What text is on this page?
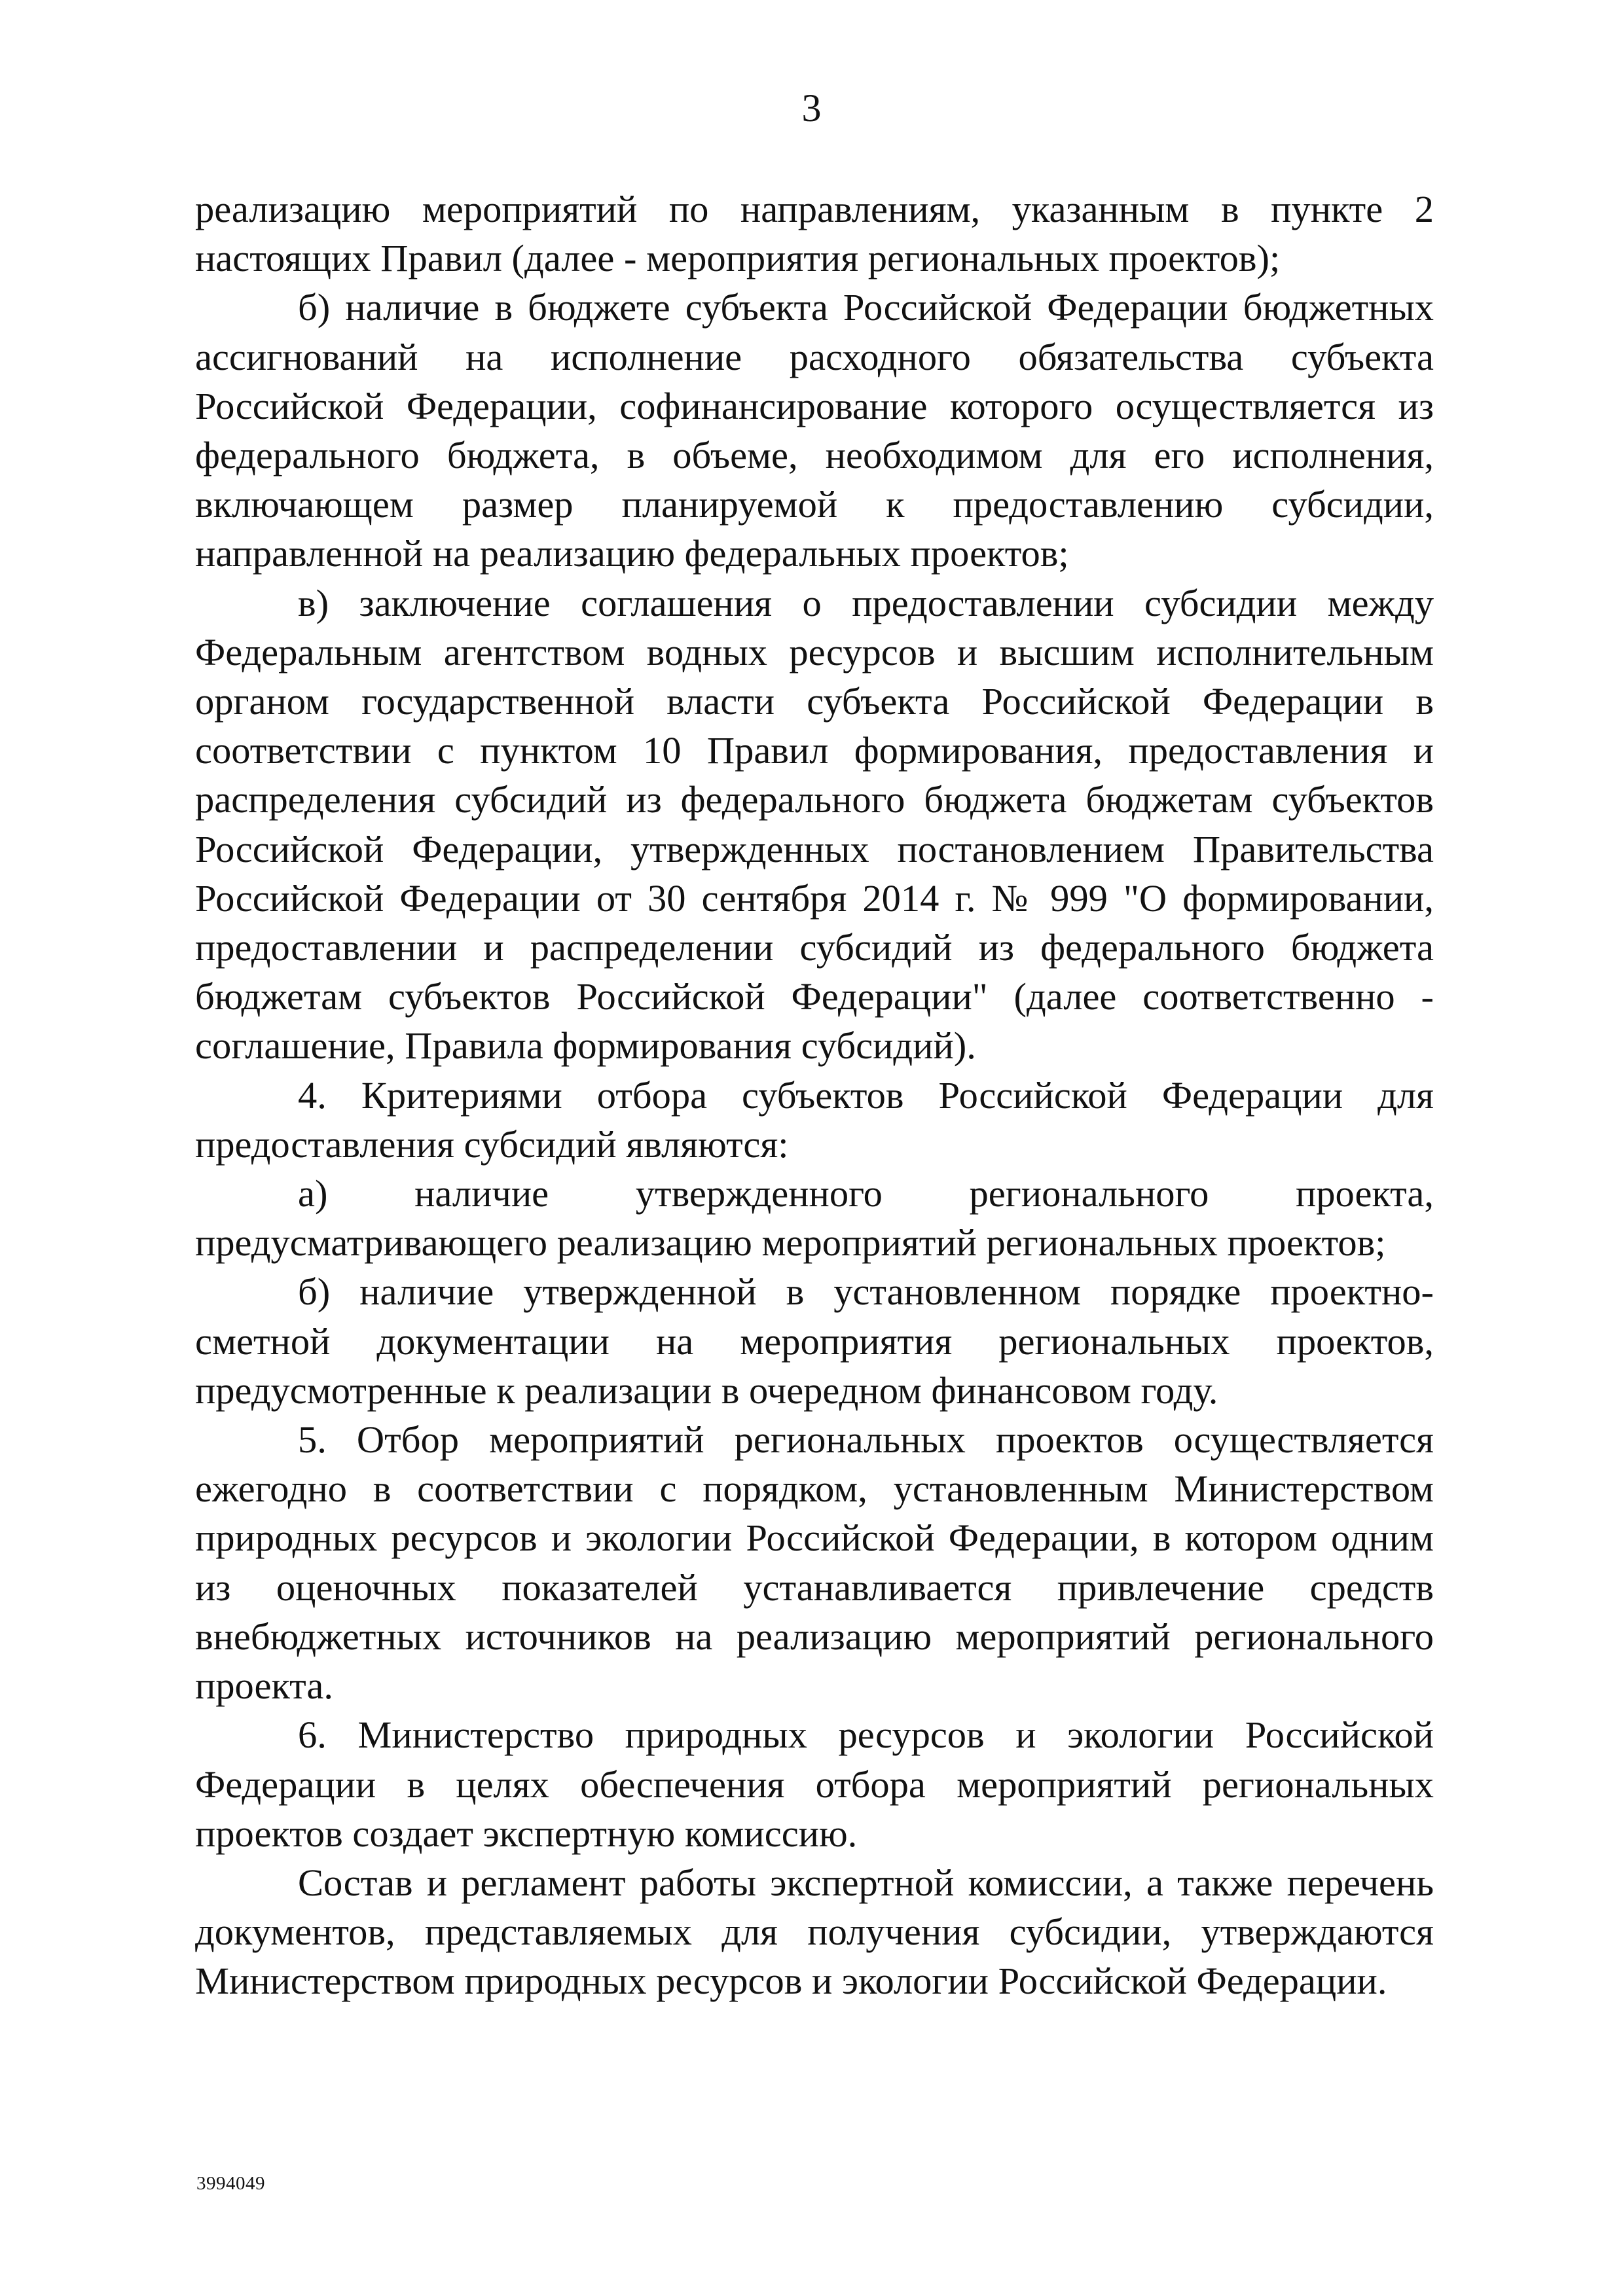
3

реализацию мероприятий по направлениям, указанным в пункте 2 настоящих Правил (далее - мероприятия региональных проектов);

б) наличие в бюджете субъекта Российской Федерации бюджетных ассигнований на исполнение расходного обязательства субъекта Российской Федерации, софинансирование которого осуществляется из федерального бюджета, в объеме, необходимом для его исполнения, включающем размер планируемой к предоставлению субсидии, направленной на реализацию федеральных проектов;

в) заключение соглашения о предоставлении субсидии между Федеральным агентством водных ресурсов и высшим исполнительным органом государственной власти субъекта Российской Федерации в соответствии с пунктом 10 Правил формирования, предоставления и распределения субсидий из федерального бюджета бюджетам субъектов Российской Федерации, утвержденных постановлением Правительства Российской Федерации от 30 сентября 2014 г. № 999 "О формировании, предоставлении и распределении субсидий из федерального бюджета бюджетам субъектов Российской Федерации" (далее соответственно - соглашение, Правила формирования субсидий).

4. Критериями отбора субъектов Российской Федерации для предоставления субсидий являются:

а) наличие утвержденного регионального проекта,

предусматривающего реализацию мероприятий региональных проектов;

б) наличие утвержденной в установленном порядке проектно-сметной документации на мероприятия региональных проектов, предусмотренные к реализации в очередном финансовом году.

5. Отбор мероприятий региональных проектов осуществляется ежегодно в соответствии с порядком, установленным Министерством природных ресурсов и экологии Российской Федерации, в котором одним из оценочных показателей устанавливается привлечение средств внебюджетных источников на реализацию мероприятий регионального проекта.

6. Министерство природных ресурсов и экологии Российской Федерации в целях обеспечения отбора мероприятий региональных проектов создает экспертную комиссию.

Состав и регламент работы экспертной комиссии, а также перечень документов, представляемых для получения субсидии, утверждаются Министерством природных ресурсов и экологии Российской Федерации.

3994049
